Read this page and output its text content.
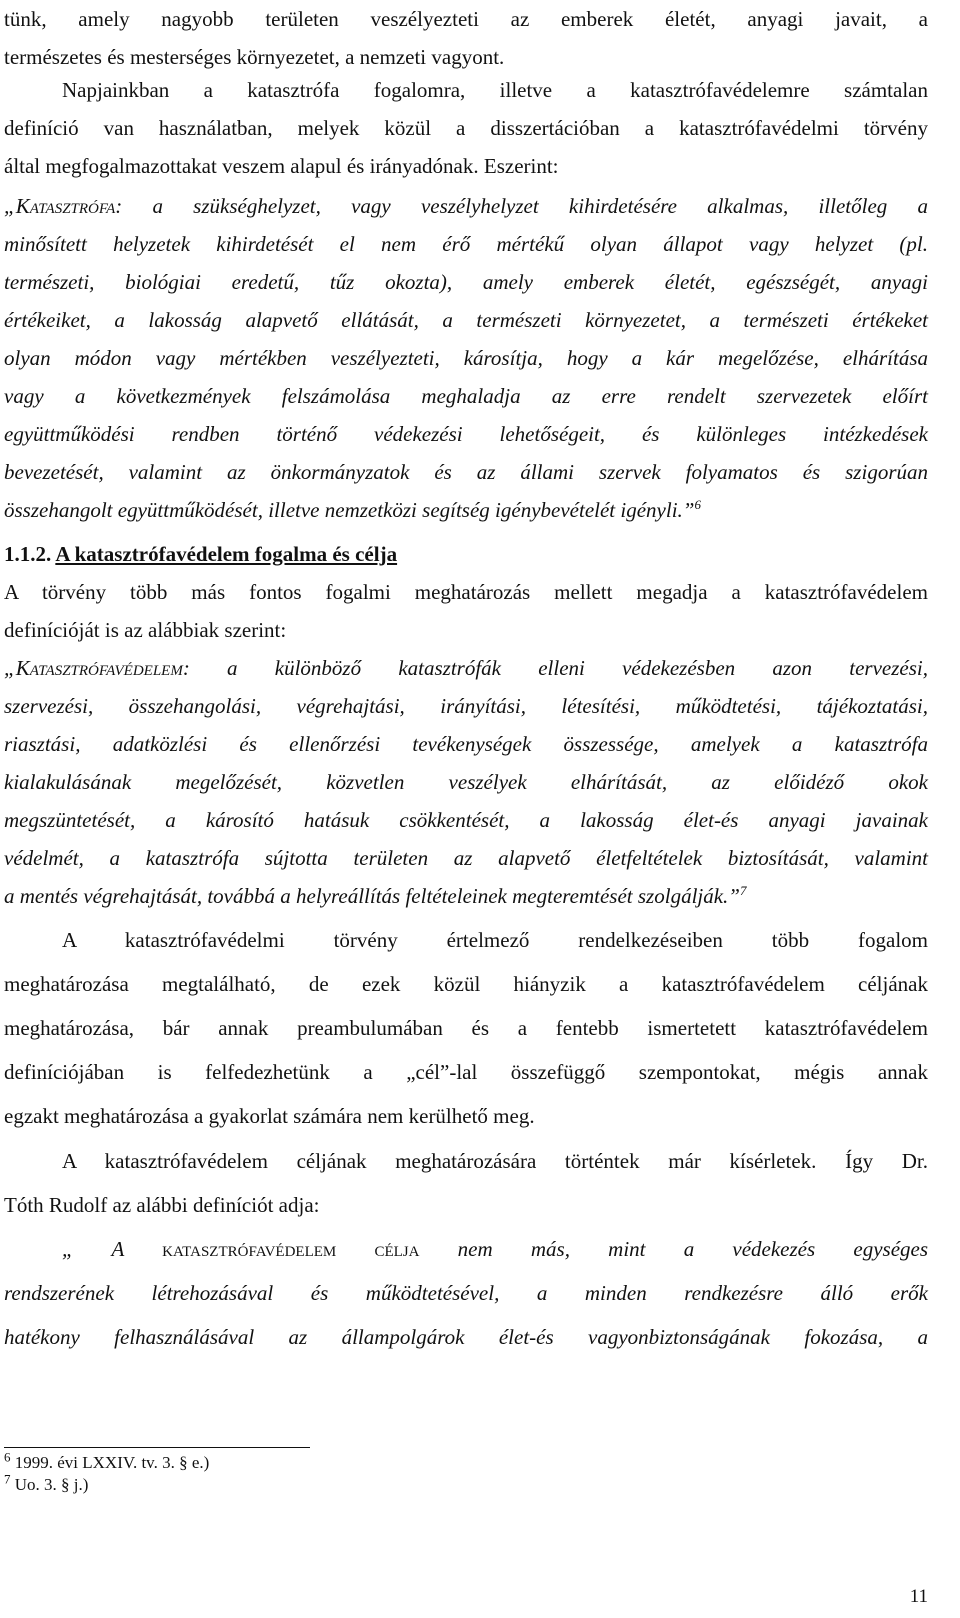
tünk, amely nagyobb területen veszélyezteti az emberek életét, anyagi javait, a
természetes és mesterséges környezetet, a nemzeti vagyont.
Napjainkban a katasztrófa fogalomra, illetve a katasztrófavédelemre számtalan
definíció van használatban, melyek közül a disszertációban a katasztrófavédelmi törvény
által megfogalmazottakat veszem alapul és irányadónak. Eszerint:
„Katasztrófa: a szükséghelyzet, vagy veszélyhelyzet kihirdetésére alkalmas, illetőleg a
minősített helyzetek kihirdetését el nem érő mértékű olyan állapot vagy helyzet (pl.
természeti, biológiai eredetű, tűz okozta), amely emberek életét, egészségét, anyagi
értékeiket, a lakosság alapvető ellátását, a természeti környezetet, a természeti értékeket
olyan módon vagy mértékben veszélyezteti, károsítja, hogy a kár megelőzése, elhárítása
vagy a következmények felszámolása meghaladja az erre rendelt szervezetek előírt
együttműködési rendben történő védekezési lehetőségeit, és különleges intézkedések
bevezetését, valamint az önkormányzatok és az állami szervek folyamatos és szigorúan
összehangolt együttműködését, illetve nemzetközi segítség igénybevételét igényli.”$^6$
1.1.2. A katasztrófavédelem fogalma és célja
A törvény több más fontos fogalmi meghatározás mellett megadja a katasztrófavédelem
definícióját is az alábbiak szerint:
„Katasztrófavédelem: a különböző katasztrófák elleni védekezésben azon tervezési,
szervezési, összehangolási, végrehajtási, irányítási, létesítési, működtetési, tájékoztatási,
riasztási, adatközlési és ellenőrzési tevékenységek összessége, amelyek a katasztrófa
kialakulásának megelőzését, közvetlen veszélyek elhárítását, az előidéző okok
megszüntetését, a károsító hatásuk csökkentését, a lakosság élet-és anyagi javainak
védelmét, a katasztrófa sújtotta területen az alapvető életfeltételek biztosítását, valamint
a mentés végrehajtását, továbbá a helyreállítás feltételeinek megteremtését szolgálják.”$^7$
A katasztrófavédelmi törvény értelmező rendelkezéseiben több fogalom
meghatározása megtalálható, de ezek közül hiányzik a katasztrófavédelem céljának
meghatározása, bár annak preambulumában és a fentebb ismertetett katasztrófavédelem
definíciójában is felfedezhetünk a „cél”-lal összefüggő szempontokat, mégis annak
egzakt meghatározása a gyakorlat számára nem kerülhető meg.
A katasztrófavédelem céljának meghatározására történtek már kísérletek. Így Dr.
Tóth Rudolf az alábbi definíciót adja:
„ A katasztrófavédelem célja nem más, mint a védekezés egységes
rendszerének létrehozásával és működtetésével, a minden rendkezésre álló erők
hatékony felhasználásával az állampolgárok élet-és vagyonbiztonságának fokozása, a
$^6$ 1999. évi LXXIV. tv. 3. § e.)
$^7$ Uo. 3. § j.)
11
